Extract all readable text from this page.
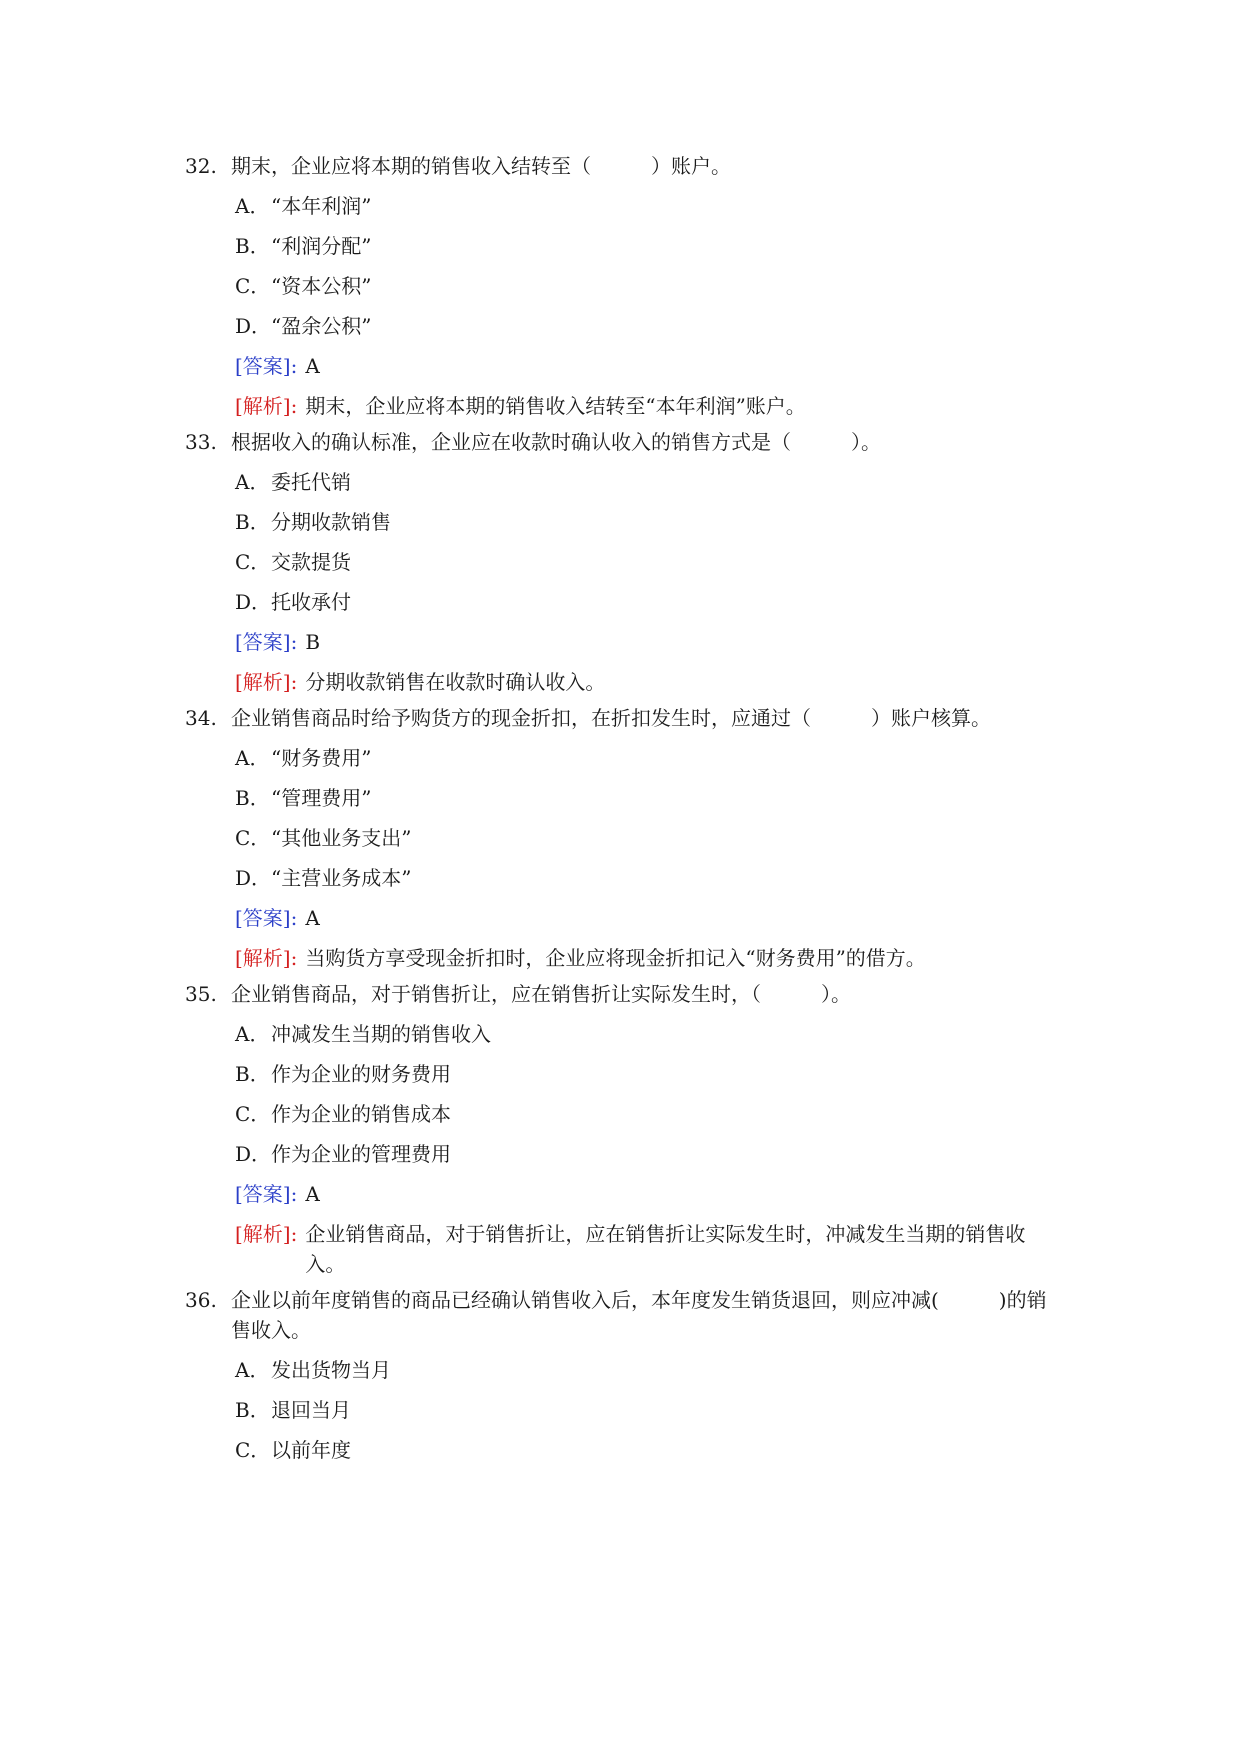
32. 期末，企业应将本期的销售收入结转至（　　　）账户。
A． “本年利润”
B． “利润分配”
C． “资本公积”
D． “盈余公积”
[答案]: A
[解析]: 期末，企业应将本期的销售收入结转至“本年利润”账户。
33. 根据收入的确认标准，企业应在收款时确认收入的销售方式是（　　　）。
A． 委托代销
B． 分期收款销售
C． 交款提货
D． 托收承付
[答案]: B
[解析]: 分期收款销售在收款时确认收入。
34. 企业销售商品时给予购货方的现金折扣，在折扣发生时，应通过（　　　）账户核算。
A． “财务费用”
B． “管理费用”
C． “其他业务支出”
D． “主营业务成本”
[答案]: A
[解析]: 当购货方享受现金折扣时，企业应将现金折扣记入“财务费用”的借方。
35. 企业销售商品，对于销售折让，应在销售折让实际发生时，（　　　）。
A． 冲减发生当期的销售收入
B． 作为企业的财务费用
C． 作为企业的销售成本
D． 作为企业的管理费用
[答案]: A
[解析]: 企业销售商品，对于销售折让，应在销售折让实际发生时，冲减发生当期的销售收入。
36. 企业以前年度销售的商品已经确认销售收入后，本年度发生销货退回，则应冲减(　　　)的销售收入。
A． 发出货物当月
B． 退回当月
C． 以前年度
